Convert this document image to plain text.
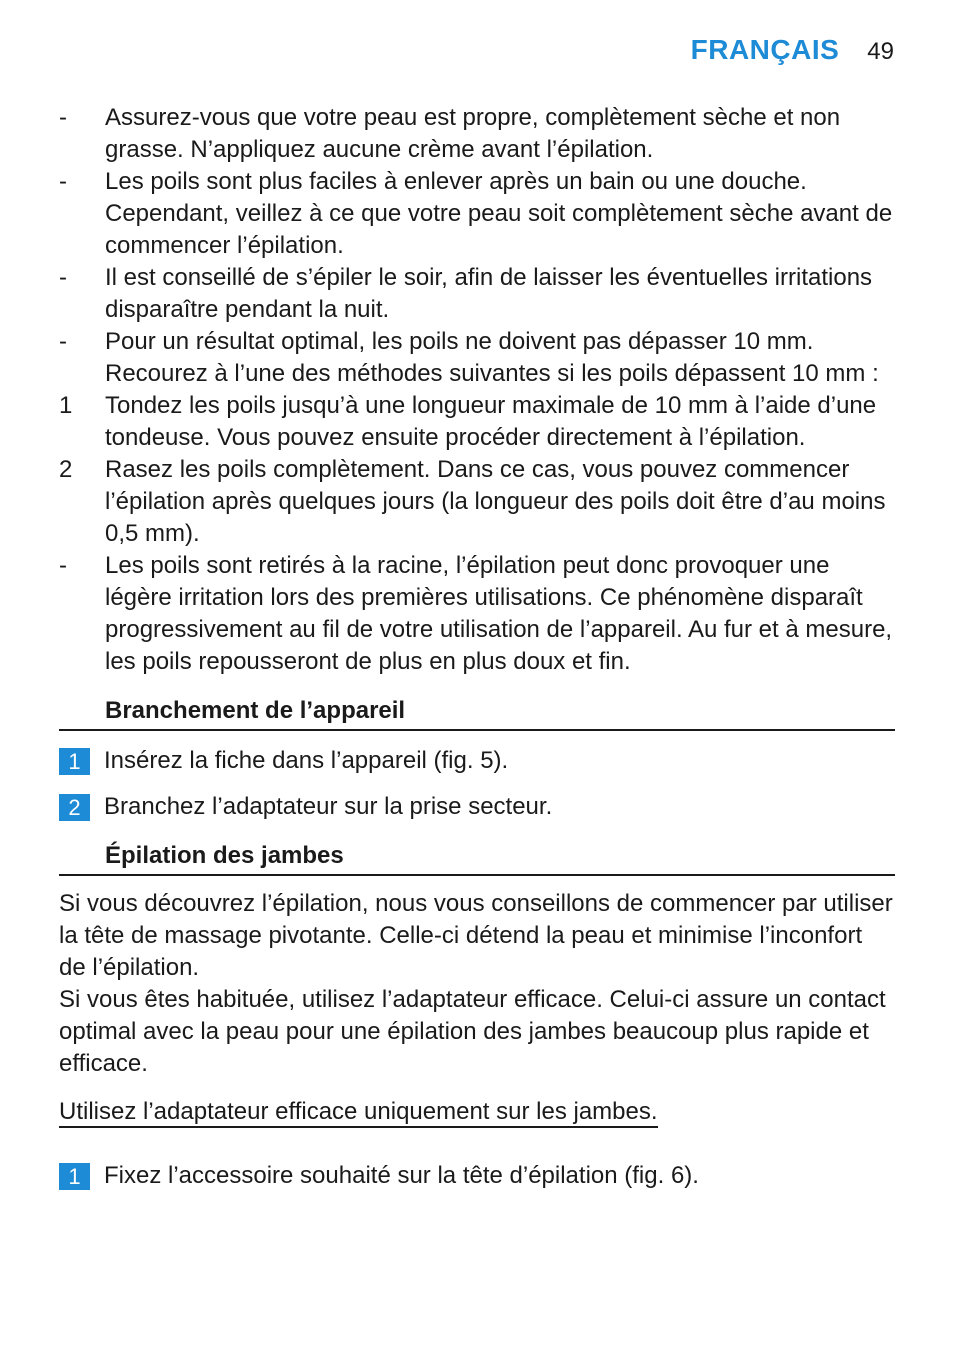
FRANÇAIS 49
-	Assurez-vous que votre peau est propre, complètement sèche et non grasse. N’appliquez aucune crème avant l’épilation.
-	Les poils sont plus faciles à enlever après un bain ou une douche. Cependant, veillez à ce que votre peau soit complètement sèche avant de commencer l’épilation.
-	Il est conseillé de s’épiler le soir, afin de laisser les éventuelles irritations disparaître pendant la nuit.
-	Pour un résultat optimal, les poils ne doivent pas dépasser 10 mm. Recourez à l’une des méthodes suivantes si les poils dépassent 10 mm :
1	Tondez les poils jusqu’à une longueur maximale de 10 mm à l’aide d’une tondeuse. Vous pouvez ensuite procéder directement à l’épilation.
2	Rasez les poils complètement. Dans ce cas, vous pouvez commencer l’épilation après quelques jours (la longueur des poils doit être d’au moins 0,5 mm).
-	Les poils sont retirés à la racine, l’épilation peut donc provoquer une légère irritation lors des premières utilisations. Ce phénomène disparaît progressivement au fil de votre utilisation de l’appareil. Au fur et à mesure, les poils repousseront de plus en plus doux et fin.
Branchement de l’appareil
1 Insérez la fiche dans l’appareil (fig. 5).
2 Branchez l’adaptateur sur la prise secteur.
Épilation des jambes
Si vous découvrez l’épilation, nous vous conseillons de commencer par utiliser la tête de massage pivotante. Celle-ci détend la peau et minimise l’inconfort de l’épilation.
Si vous êtes habituée, utilisez l’adaptateur efficace. Celui-ci assure un contact optimal avec la peau pour une épilation des jambes beaucoup plus rapide et efficace.
Utilisez l’adaptateur efficace uniquement sur les jambes.
1 Fixez l’accessoire souhaité sur la tête d’épilation (fig. 6).
